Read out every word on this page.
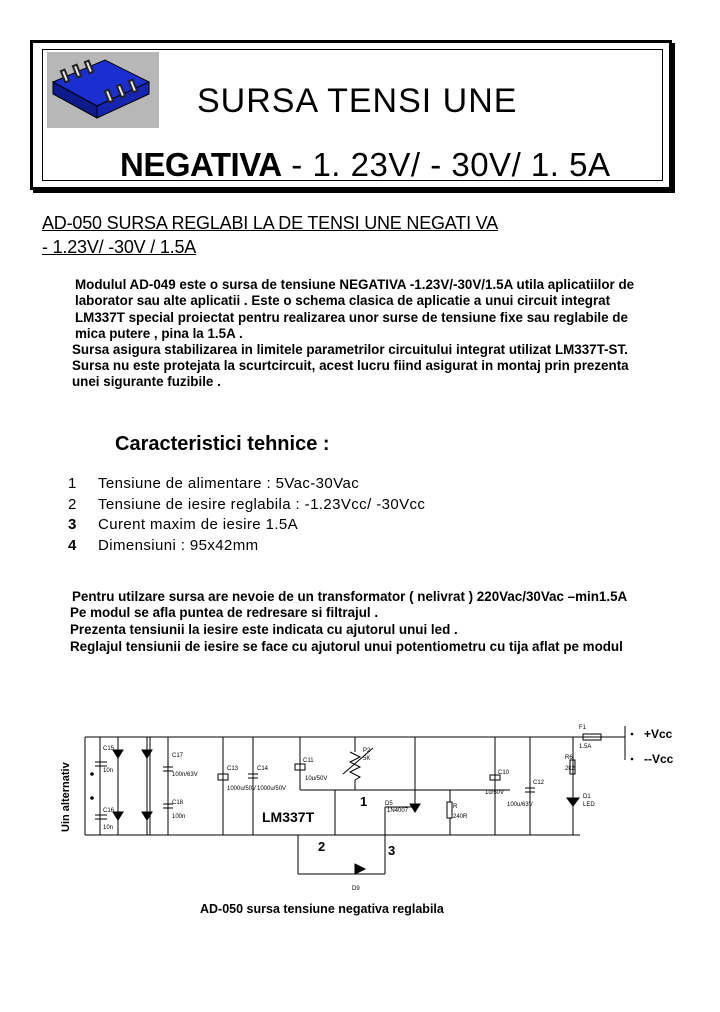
SURSA TENSI UNE
NEGATIVA - 1. 23V/ - 30V/ 1. 5A
AD-050 SURSA REGLABI LA DE TENSI UNE NEGATI VA
- 1.23V/ -30V / 1.5A
Modulul AD-049 este o sursa de tensiune NEGATIVA -1.23V/-30V/1.5A utila aplicatiilor de
laborator sau alte aplicatii . Este o schema clasica de aplicatie a unui circuit integrat
LM337T special proiectat pentru realizarea unor surse de tensiune fixe sau reglabile de
mica putere , pina la 1.5A .
Sursa asigura stabilizarea in limitele parametrilor circuitului integrat utilizat LM337T-ST.
Sursa nu este protejata la scurtcircuit, acest lucru fiind asigurat in montaj prin prezenta
unei sigurante fuzibile .
Caracteristici tehnice :
1 Tensiune de alimentare : 5Vac-30Vac
2 Tensiune de iesire reglabila : -1.23Vcc/ -30Vcc
3 Curent maxim de iesire 1.5A
4 Dimensiuni : 95x42mm
Pentru utilzare sursa are nevoie de un transformator ( nelivrat ) 220Vac/30Vac –min1.5A
Pe modul se afla puntea de redresare si filtrajul .
Prezenta tensiunii la iesire este indicata cu ajutorul unui led .
Reglajul tensiunii de iesire se face cu ajutorul unui potentiometru cu tija aflat pe modul
C15
10n
C16
10n
C17
100n/63V
C18
100n
C13
1000u/50V
C14
1000u/50V
C11
10u/50V
P2
5K
D5
1N4007
R
240R
C10
1u/50V
C12
100u/63V
F1
1.5A
R6
2k2
D1
LED
D9
Uin alternativ	LM337T
1
2	3
+Vcc
--Vcc
AD-050 sursa tensiune negativa reglabila
